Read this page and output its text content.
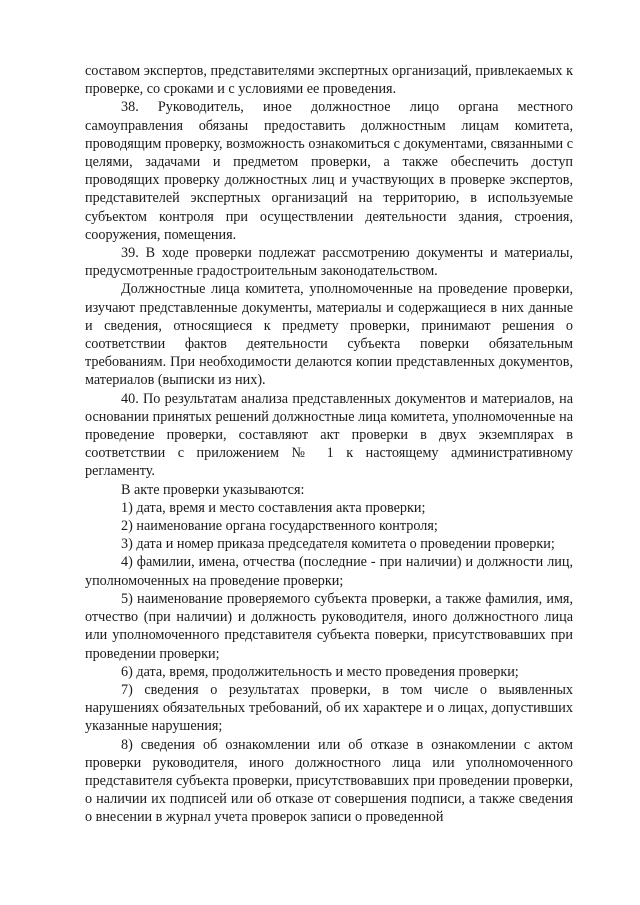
составом экспертов, представителями экспертных организаций, привлекаемых к проверке, со сроками и с условиями ее проведения.

38. Руководитель, иное должностное лицо органа местного самоуправления обязаны предоставить должностным лицам комитета, проводящим проверку, возможность ознакомиться с документами, связанными с целями, задачами и предметом проверки, а также обеспечить доступ проводящих проверку должностных лиц и участвующих в проверке экспертов, представителей экспертных организаций на территорию, в используемые субъектом контроля при осуществлении деятельности здания, строения, сооружения, помещения.

39. В ходе проверки подлежат рассмотрению документы и материалы, предусмотренные градостроительным законодательством.

Должностные лица комитета, уполномоченные на проведение проверки, изучают представленные документы, материалы и содержащиеся в них данные и сведения, относящиеся к предмету проверки, принимают решения о соответствии фактов деятельности субъекта поверки обязательным требованиям. При необходимости делаются копии представленных документов, материалов (выписки из них).

40. По результатам анализа представленных документов и материалов, на основании принятых решений должностные лица комитета, уполномоченные на проведение проверки, составляют акт проверки в двух экземплярах в соответствии с приложением № 1 к настоящему административному регламенту.

В акте проверки указываются:

1) дата, время и место составления акта проверки;

2) наименование органа государственного контроля;

3) дата и номер приказа председателя комитета о проведении проверки;

4) фамилии, имена, отчества (последние - при наличии) и должности лиц, уполномоченных на проведение проверки;

5) наименование проверяемого субъекта проверки, а также фамилия, имя, отчество (при наличии) и должность руководителя, иного должностного лица или уполномоченного представителя субъекта поверки, присутствовавших при проведении проверки;

6) дата, время, продолжительность и место проведения проверки;

7) сведения о результатах проверки, в том числе о выявленных нарушениях обязательных требований, об их характере и о лицах, допустивших указанные нарушения;

8) сведения об ознакомлении или об отказе в ознакомлении с актом проверки руководителя, иного должностного лица или уполномоченного представителя субъекта проверки, присутствовавших при проведении проверки, о наличии их подписей или об отказе от совершения подписи, а также сведения о внесении в журнал учета проверок записи о проведенной
